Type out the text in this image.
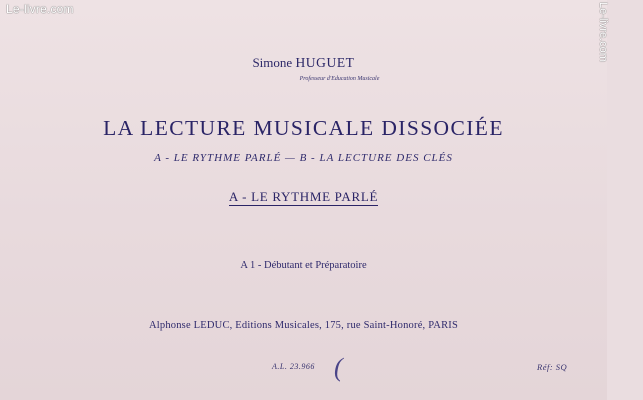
Le-livre.com	Le-livre.com
Simone HUGUET
Professeur d'Education Musicale
LA LECTURE MUSICALE DISSOCIÉE
A - LE RYTHME PARLÉ — B - LA LECTURE DES CLÉS
A - LE RYTHME PARLÉ
A 1 - Débutant et Préparatoire
Alphonse LEDUC, Editions Musicales, 175, rue Saint-Honoré, PARIS
A.L. 23.966 (	Réf: SQ
